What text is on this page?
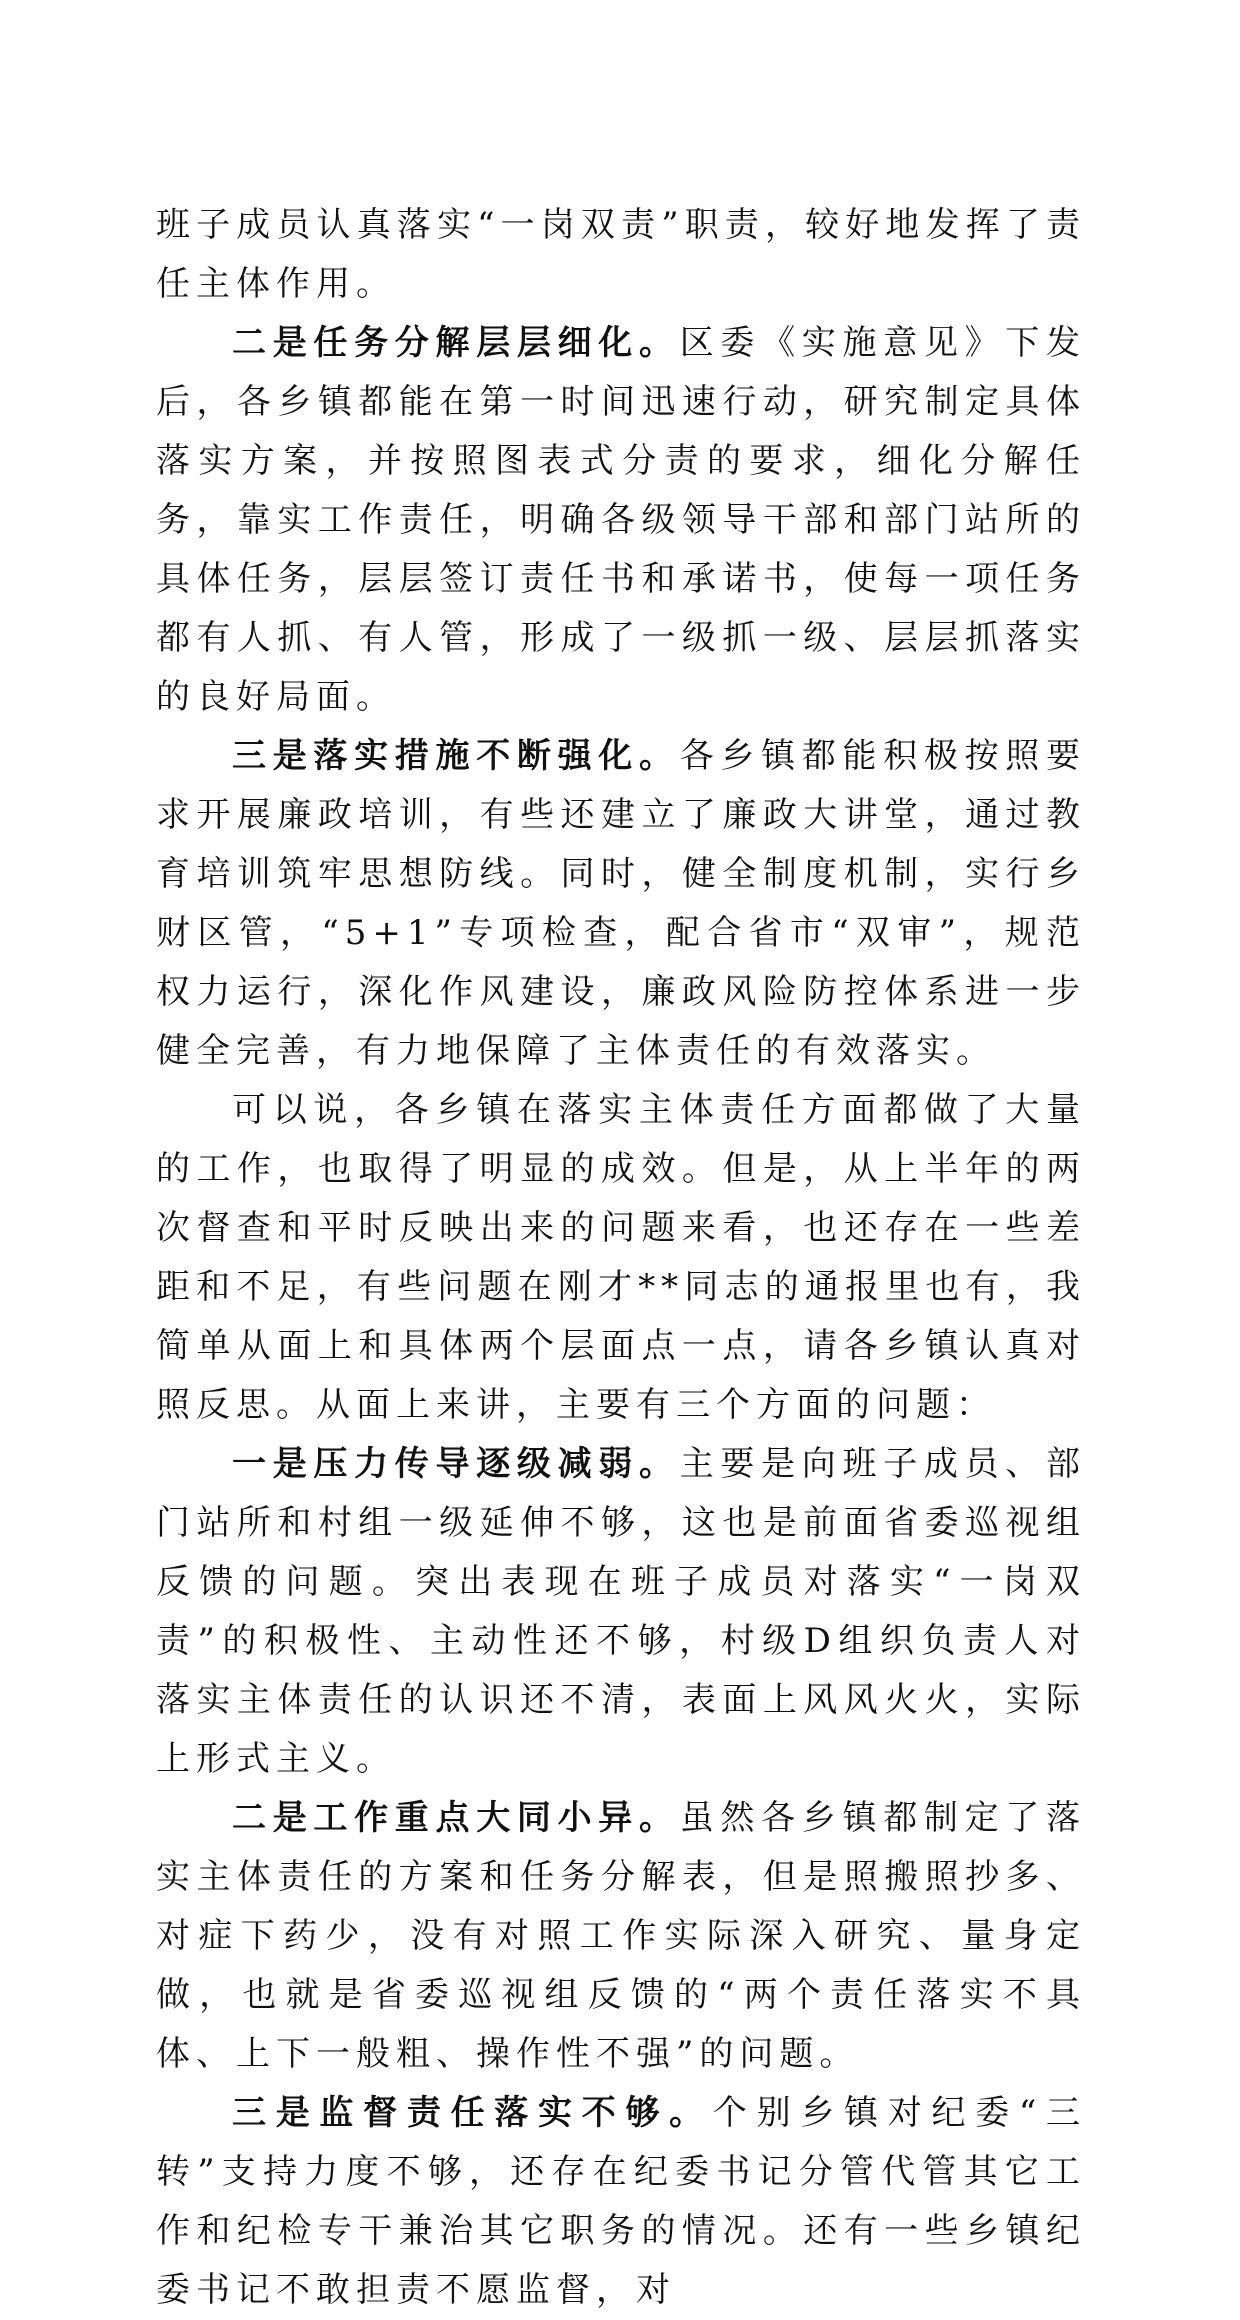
班子成员认真落实“一岗双责”职责，较好地发挥了责任主体作用。

二是任务分解层层细化。区委《实施意见》下发后，各乡镇都能在第一时间迅速行动，研究制定具体落实方案，并按照图表式分责的要求，细化分解任务，靠实工作责任，明确各级领导干部和部门站所的具体任务，层层签订责任书和承诺书，使每一项任务都有人抓、有人管，形成了一级抓一级、层层抓落实的良好局面。

三是落实措施不断强化。各乡镇都能积极按照要求开展廉政培训，有些还建立了廉政大讲堂，通过教育培训筑牢思想防线。同时，健全制度机制，实行乡财区管，“5+1”专项检查，配合省市“双审”，规范权力运行，深化作风建设，廉政风险防控体系进一步健全完善，有力地保障了主体责任的有效落实。

可以说，各乡镇在落实主体责任方面都做了大量的工作，也取得了明显的成效。但是，从上半年的两次督查和平时反映出来的问题来看，也还存在一些差距和不足，有些问题在刚才**同志的通报里也有，我简单从面上和具体两个层面点一点，请各乡镇认真对照反思。从面上来讲，主要有三个方面的问题：

一是压力传导逐级减弱。主要是向班子成员、部门站所和村组一级延伸不够，这也是前面省委巡视组反馈的问题。突出表现在班子成员对落实“一岗双责”的积极性、主动性还不够，村级D组织负责人对落实主体责任的认识还不清，表面上风风火火，实际上形式主义。

二是工作重点大同小异。虽然各乡镇都制定了落实主体责任的方案和任务分解表，但是照搬照抄多、对症下药少，没有对照工作实际深入研究、量身定做，也就是省委巡视组反馈的“两个责任落实不具体、上下一般粗、操作性不强”的问题。

三是监督责任落实不够。个别乡镇对纪委“三转”支持力度不够，还存在纪委书记分管代管其它工作和纪检专干兼治其它职务的情况。还有一些乡镇纪委书记不敢担责不愿监督，对
